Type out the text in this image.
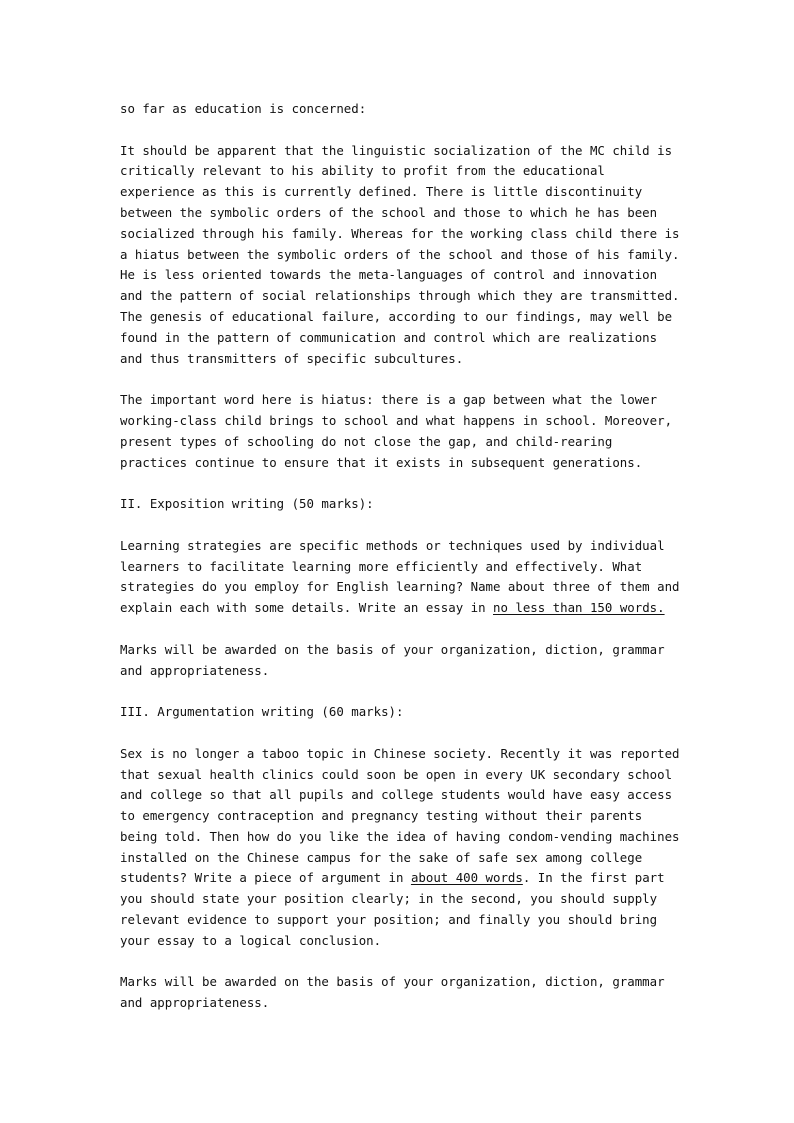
so far as education is concerned:

It should be apparent that the linguistic socialization of the MC child is critically relevant to his ability to profit from the educational experience as this is currently defined. There is little discontinuity between the symbolic orders of the school and those to which he has been socialized through his family. Whereas for the working class child there is a hiatus between the symbolic orders of the school and those of his family. He is less oriented towards the meta-languages of control and innovation and the pattern of social relationships through which they are transmitted. The genesis of educational failure, according to our findings, may well be found in the pattern of communication and control which are realizations and thus transmitters of specific subcultures.

The important word here is hiatus: there is a gap between what the lower working-class child brings to school and what happens in school. Moreover, present types of schooling do not close the gap, and child-rearing practices continue to ensure that it exists in subsequent generations.

II. Exposition writing (50 marks):

Learning strategies are specific methods or techniques used by individual learners to facilitate learning more efficiently and effectively. What strategies do you employ for English learning? Name about three of them and explain each with some details. Write an essay in no less than 150 words.

Marks will be awarded on the basis of your organization, diction, grammar and appropriateness.

III. Argumentation writing (60 marks):

Sex is no longer a taboo topic in Chinese society. Recently it was reported that sexual health clinics could soon be open in every UK secondary school and college so that all pupils and college students would have easy access to emergency contraception and pregnancy testing without their parents being told. Then how do you like the idea of having condom-vending machines installed on the Chinese campus for the sake of safe sex among college students? Write a piece of argument in about 400 words. In the first part you should state your position clearly; in the second, you should supply relevant evidence to support your position; and finally you should bring your essay to a logical conclusion.

Marks will be awarded on the basis of your organization, diction, grammar and appropriateness.
